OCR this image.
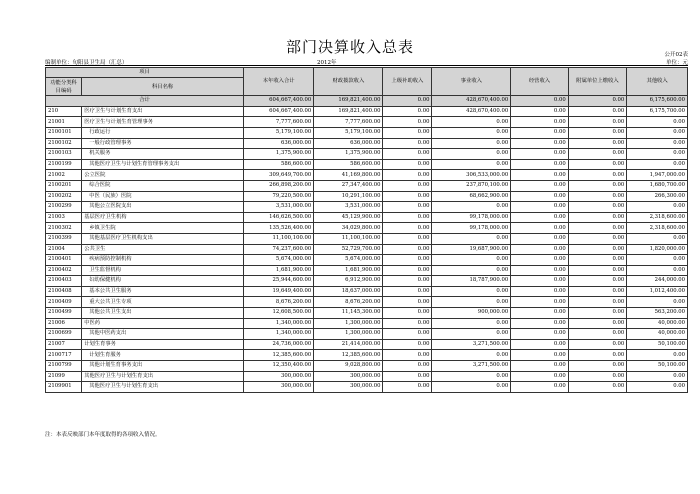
部门决算收入总表	公开02表
编制单位：旬阳县卫生局（汇总）	2012年	单位：元
项目		本年收入合计	财政拨款收入	上级补助收入	事业收入	经营收入	附属单位上缴收入	其他收入
功能分类科目编码	科目名称							

合计		604,667,400.00	169,821,400.00	0.00	428,670,400.00	0.00	0.00	6,175,600.00
210	医疗卫生与计划生育支出	604,667,400.00	169,821,400.00	0.00	428,670,400.00	0.00	0.00	6,175,700.00
21001	医疗卫生与计划生育管理事务	7,777,600.00	7,777,600.00	0.00	0.00	0.00	0.00	0.00
2100101	行政运行	5,179,100.00	5,179,100.00	0.00	0.00	0.00	0.00	0.00
2100102	一般行政管理事务	636,000.00	636,000.00	0.00	0.00	0.00	0.00	0.00
2100103	机关服务	1,375,900.00	1,375,900.00	0.00	0.00	0.00	0.00	0.00
2100199	其他医疗卫生与计划生育管理事务支出	586,600.00	586,600.00	0.00	0.00	0.00	0.00	0.00
21002	公立医院	309,649,700.00	41,169,800.00	0.00	306,533,000.00	0.00	0.00	1,947,000.00
2100201	综合医院	266,898,200.00	27,347,400.00	0.00	237,870,100.00	0.00	0.00	1,680,700.00
2100202	中医（民族）医院	79,220,500.00	10,291,100.00	0.00	68,662,900.00	0.00	0.00	266,300.00
2100299	其他公立医院支出	3,531,000.00	3,531,000.00	0.00	0.00	0.00	0.00	0.00
21003	基层医疗卫生机构	146,626,500.00	45,129,900.00	0.00	99,178,000.00	0.00	0.00	2,318,600.00
2100302	乡镇卫生院	135,526,400.00	34,029,800.00	0.00	99,178,000.00	0.00	0.00	2,318,600.00
2100399	其他基层医疗卫生机构支出	11,100,100.00	11,100,100.00	0.00	0.00	0.00	0.00	0.00
21004	公共卫生	74,237,600.00	52,729,700.00	0.00	19,687,900.00	0.00	0.00	1,820,000.00
2100401	疾病预防控制机构	5,674,000.00	5,674,000.00	0.00	0.00	0.00	0.00	0.00
2100402	卫生监督机构	1,681,900.00	1,681,900.00	0.00	0.00	0.00	0.00	0.00
2100403	妇幼保健机构	25,944,600.00	6,912,900.00	0.00	18,787,900.00	0.00	0.00	244,000.00
2100408	基本公共卫生服务	19,649,400.00	18,637,000.00	0.00	0.00	0.00	0.00	1,012,400.00
2100409	重大公共卫生专项	8,676,200.00	8,676,200.00	0.00	0.00	0.00	0.00	0.00
2100499	其他公共卫生支出	12,608,500.00	11,145,300.00	0.00	900,000.00	0.00	0.00	563,200.00
21006	中医药	1,340,000.00	1,300,000.00	0.00	0.00	0.00	0.00	40,000.00
2100699	其他中医药支出	1,340,000.00	1,300,000.00	0.00	0.00	0.00	0.00	40,000.00
21007	计划生育事务	24,736,000.00	21,414,000.00	0.00	3,271,500.00	0.00	0.00	50,100.00
2100717	计划生育服务	12,385,600.00	12,385,600.00	0.00	0.00	0.00	0.00	0.00
2100799	其他计划生育事务支出	12,350,400.00	9,028,800.00	0.00	3,271,500.00	0.00	0.00	50,100.00
21099	其他医疗卫生与计划生育支出	300,000.00	300,000.00	0.00	0.00	0.00	0.00	0.00
2109901	其他医疗卫生与计划生育支出	300,000.00	300,000.00	0.00	0.00	0.00	0.00	0.00
注：本表反映部门本年度取得的各项收入情况。
